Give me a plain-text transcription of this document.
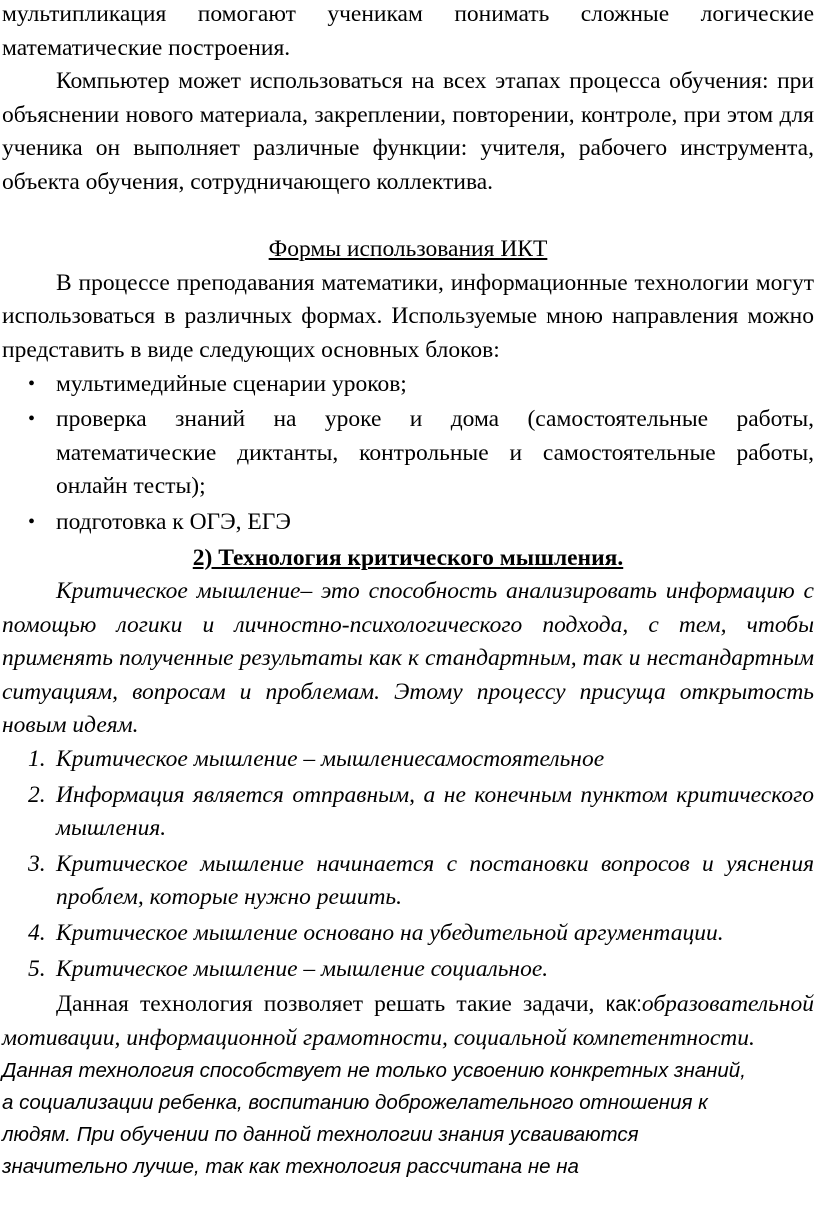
мультипликация помогают ученикам понимать сложные логические математические построения.

Компьютер может использоваться на всех этапах процесса обучения: при объяснении нового материала, закреплении, повторении, контроле, при этом для ученика он выполняет различные функции: учителя, рабочего инструмента, объекта обучения, сотрудничающего коллектива.

Формы использования ИКТ

В процессе преподавания математики, информационные технологии могут использоваться в различных формах. Используемые мною направления можно представить в виде следующих основных блоков:

• мультимедийные сценарии уроков;
• проверка знаний на уроке и дома (самостоятельные работы, математические диктанты, контрольные и самостоятельные работы, онлайн тесты);
• подготовка к ОГЭ, ЕГЭ

2) Технология критического мышления.

Критическое мышление– это способность анализировать информацию с помощью логики и личностно-психологического подхода, с тем, чтобы применять полученные результаты как к стандартным, так и нестандартным ситуациям, вопросам и проблемам. Этому процессу присуща открытость новым идеям.

1. Критическое мышление – мышлениесамостоятельное
2. Информация является отправным, а не конечным пунктом критического мышления.
3. Критическое мышление начинается с постановки вопросов и уяснения проблем, которые нужно решить.
4. Критическое мышление основано на убедительной аргументации.
5. Критическое мышление – мышление социальное.

Данная технология позволяет решать такие задачи, как:образовательной мотивации, информационной грамотности, социальной компетентности.

Данная технология способствует не только усвоению конкретных знаний,

а социализации ребенка, воспитанию доброжелательного отношения к

людям. При обучении по данной технологии знания усваиваются

значительно лучше, так как технология рассчитана не на
